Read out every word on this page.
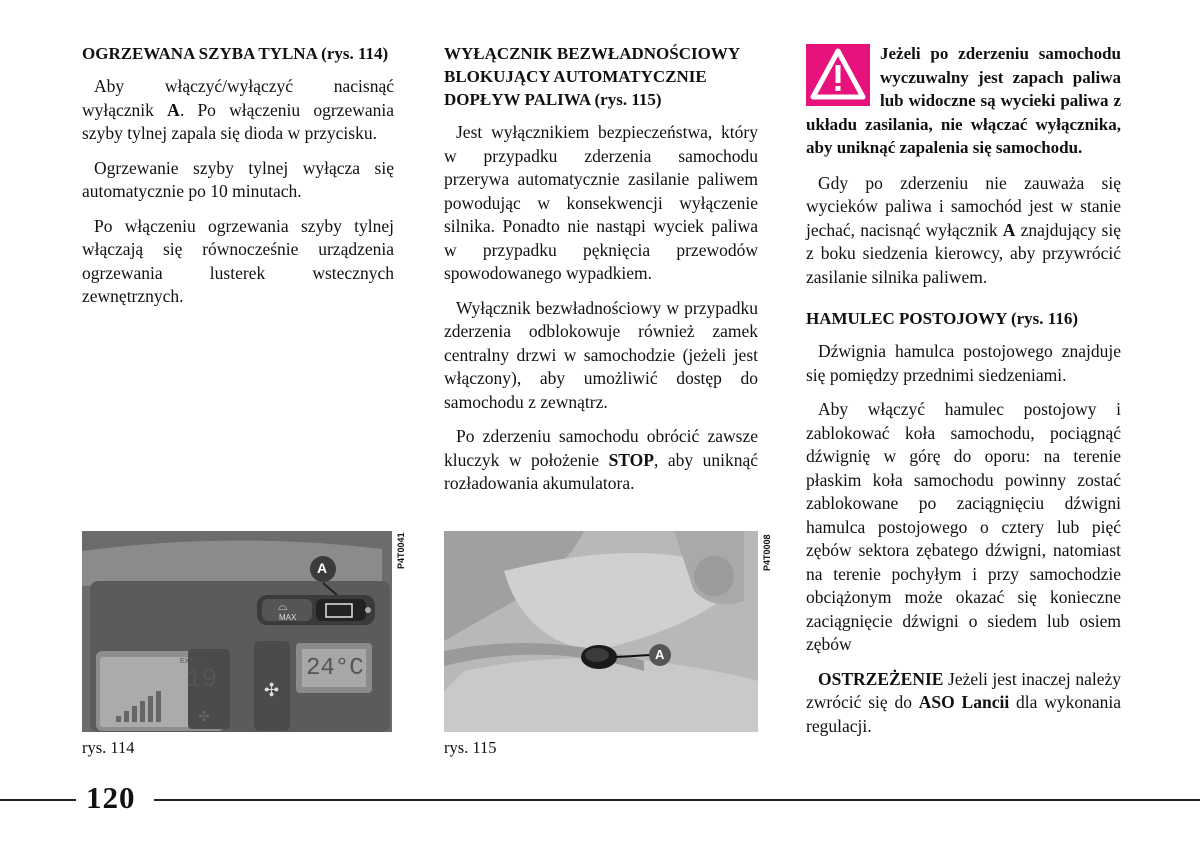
OGRZEWANA SZYBA TYLNA (rys. 114)

Aby włączyć/wyłączyć nacisnąć wyłącznik A. Po włączeniu ogrzewania szyby tylnej zapala się dioda w przycisku.

Ogrzewanie szyby tylnej wyłącza się automatycznie po 10 minutach.

Po włączeniu ogrzewania szyby tylnej włączają się równocześnie urządzenia ogrzewania lusterek wstecznych zewnętrznych.

WYŁĄCZNIK BEZWŁADNOŚCIOWY BLOKUJĄCY AUTOMATYCZNIE DOPŁYW PALIWA (rys. 115)

Jest wyłącznikiem bezpieczeństwa, który w przypadku zderzenia samochodu przerywa automatycznie zasilanie paliwem powodując w konsekwencji wyłączenie silnika. Ponadto nie nastąpi wyciek paliwa w przypadku pęknięcia przewodów spowodowanego wypadkiem.

Wyłącznik bezwładnościowy w przypadku zderzenia odblokowuje również zamek centralny drzwi w samochodzie (jeżeli jest włączony), aby umożliwić dostęp do samochodu z zewnątrz.

Po zderzeniu samochodu obrócić zawsze kluczyk w położenie STOP, aby uniknąć rozładowania akumulatora.

Jeżeli po zderzeniu samochodu wyczuwalny jest zapach paliwa lub widoczne są wycieki paliwa z układu zasilania, nie włączać wyłącznika, aby uniknąć zapalenia się samochodu.

Gdy po zderzeniu nie zauważa się wycieków paliwa i samochód jest w stanie jechać, nacisnąć wyłącznik A znajdujący się z boku siedzenia kierowcy, aby przywrócić zasilanie silnika paliwem.

HAMULEC POSTOJOWY (rys. 116)

Dźwignia hamulca postojowego znajduje się pomiędzy przednimi siedzeniami.

Aby włączyć hamulec postojowy i zablokować koła samochodu, pociągnąć dźwignię w górę do oporu: na terenie płaskim koła samochodu powinny zostać zablokowane po zaciągnięciu dźwigni hamulca postojowego o cztery lub pięć zębów sektora zębatego dźwigni, natomiast na terenie pochyłym i przy samochodzie obciążonym może okazać się konieczne zaciągnięcie dźwigni o siedem lub osiem zębów

OSTRZEŻENIE Jeżeli jest inaczej należy zwrócić się do ASO Lancii dla wykonania regulacji.

A
MAX
⌓
EXT °C
19	24°C
✣
✣
P4T0041
rys. 114
A
P4T0008
rys. 115
120
